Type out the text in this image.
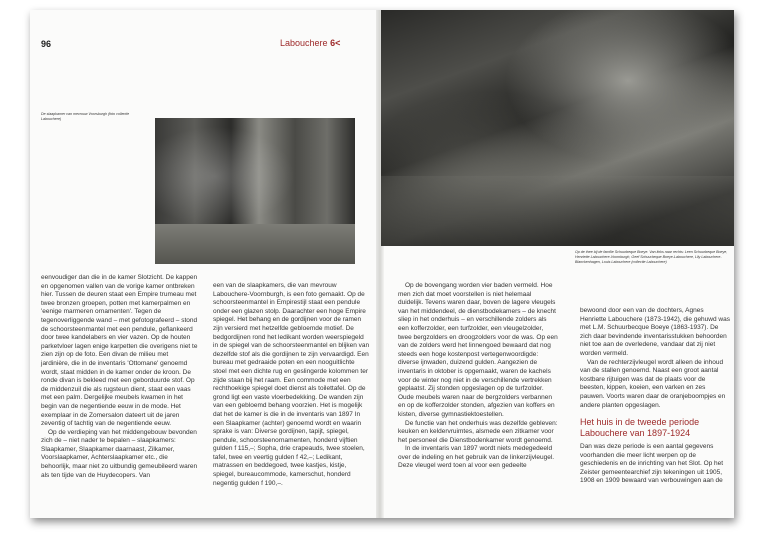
96	Labouchere 6<
De slaapkamer van mevrouw Voorsburgh (foto collectie Labouchere)
Op de thee bij de familie Schuurbeque Boeye. Van links naar rechts: Leen Schuurbeque Boeye, Henriette Labouchere-Voornburgh, Geef Schuurbeque Boeye-Labouchere, Lily Labouchere-Blanckenhagen, Louis Labouchere (collectie Labouchere)

eenvoudiger dan die in de kamer Slotzicht. De kappen en opgenomen vallen van de vorige kamer ontbreken hier. Tussen de deuren staat een Empire trumeau met twee bronzen groepen, potten met kamerpalmen en 'eenige marmeren ornamenten'. Tegen de tegenoverliggende wand – met gefotografeerd – stond de schoorsteenmantel met een pendule, geflankeerd door twee kandelabers en vier vazen. Op de houten parketvloer lagen enige karpetten die overigens niet te zien zijn op de foto. Een divan de milieu met jardinière, die in de inventaris 'Ottomane' genoemd wordt, staat midden in de kamer onder de kroon. De ronde divan is bekleed met een geborduurde stof. Op de middenzuil die als rugsteun dient, staat een vaas met een palm. Dergelijke meubels kwamen in het begin van de negentiende eeuw in de mode. Het exemplaar in de Zomersalon dateert uit de jaren zeventig of tachtig van de negentiende eeuw.

Op de verdieping van het middengebouw bevonden zich de – niet nader te bepalen – slaapkamers: Slaapkamer, Slaapkamer daarnaast, Zilkamer, Voorslaapkamer, Achterslaapkamer etc., die behoorlijk, maar niet zo uitbundig gemeubileerd waren als ten tijde van de Huydecopers. Van

een van de slaapkamers, die van mevrouw Labouchere-Voornburgh, is een foto gemaakt. Op de schoorsteenmantel in Empirestijl staat een pendule onder een glazen stolp. Daarachter een hoge Empire spiegel. Het behang en de gordijnen voor de ramen zijn versierd met hetzelfde gebloemde motief. De bedgordijnen rond het ledikant worden weerspiegeld in de spiegel van de schoorsteenmantel en blijken van dezelfde stof als die gordijnen te zijn vervaardigd. Een bureau met gedraaide poten en een nooguitlichte stoel met een dichte rug en geslingerde kolommen ter zijde staan bij het raam. Een commode met een rechthoekige spiegel doet dienst als toilettafel. Op de grond ligt een vaste vloerbedekking. De wanden zijn van een gebloemd behang voorzien. Het is mogelijk dat het de kamer is die in de inventaris van 1897 In een Slaapkamer (achter) genoemd wordt en waarin sprake is van: Diverse gordijnen, tapijt, spiegel, pendule, schoorsteenornamenten, honderd vijftien gulden f 115,–; Sopha, drie crapeauds, twee stoelen, tafel, twee en veertig gulden f 42,–; Ledikant, matrassen en beddegoed, twee kastjes, kistje, spiegel, bureaucommode, kamerschut, honderd negentig gulden f 190,–.

Op de bovengang worden vier baden vermeld. Hoe men zich dat moet voorstellen is niet helemaal duidelijk. Tevens waren daar, boven de lagere vleugels van het middendeel, de dienstbodekamers – de knecht sliep in het onderhuis – en verschillende zolders als een kofferzolder, een turfzolder, een vleugelzolder, twee bergzolders en droogzolders voor de was. Op een van de zolders werd het linnengoed bewaard dat nog steeds een hoge kostenpost vertegenwoordigde: diverse ijnwaden, duizend gulden. Aangezien de inventaris in oktober is opgemaakt, waren de kachels voor de winter nog niet in de verschillende vertrekken geplaatst. Zij stonden opgeslagen op de turfzolder. Oude meubels waren naar de bergzolders verbannen en op de kofferzolder stonden, afgezien van koffers en kisten, diverse gymnastiektoestellen.

De functie van het onderhuis was dezelfde gebleven: keuken en keldervruimtes, alsmede een zitkamer voor het personeel die Dienstbodenkamer wordt genoemd.

In de inventaris van 1897 wordt niets medegedeeld over de indeling en het gebruik van de linkerzijvleugel. Deze vleugel werd toen al voor een gedeelte

bewoond door een van de dochters, Agnes Henriette Labouchere (1873-1942), die gehuwd was met L.M. Schuurbecque Boeye (1863-1937). De zich daar bevindende inventarisstukken behoorden niet toe aan de overledene, vandaar dat zij niet worden vermeld.

Van de rechterzijvleugel wordt alleen de inhoud van de stallen genoemd. Naast een groot aantal kostbare rijtuigen was dat de plaats voor de beesten, kippen, koeien, een varken en zes pauwen. Voorts waren daar de oranjeboompjes en andere planten opgeslagen.

Het huis in de tweede periode Labouchere van 1897-1924

Dan was deze periode is een aantal gegevens voorhanden die meer licht werpen op de geschiedenis en de inrichting van het Slot. Op het Zeister gemeentearchief zijn tekeningen uit 1905, 1908 en 1909 bewaard van verbouwingen aan de
